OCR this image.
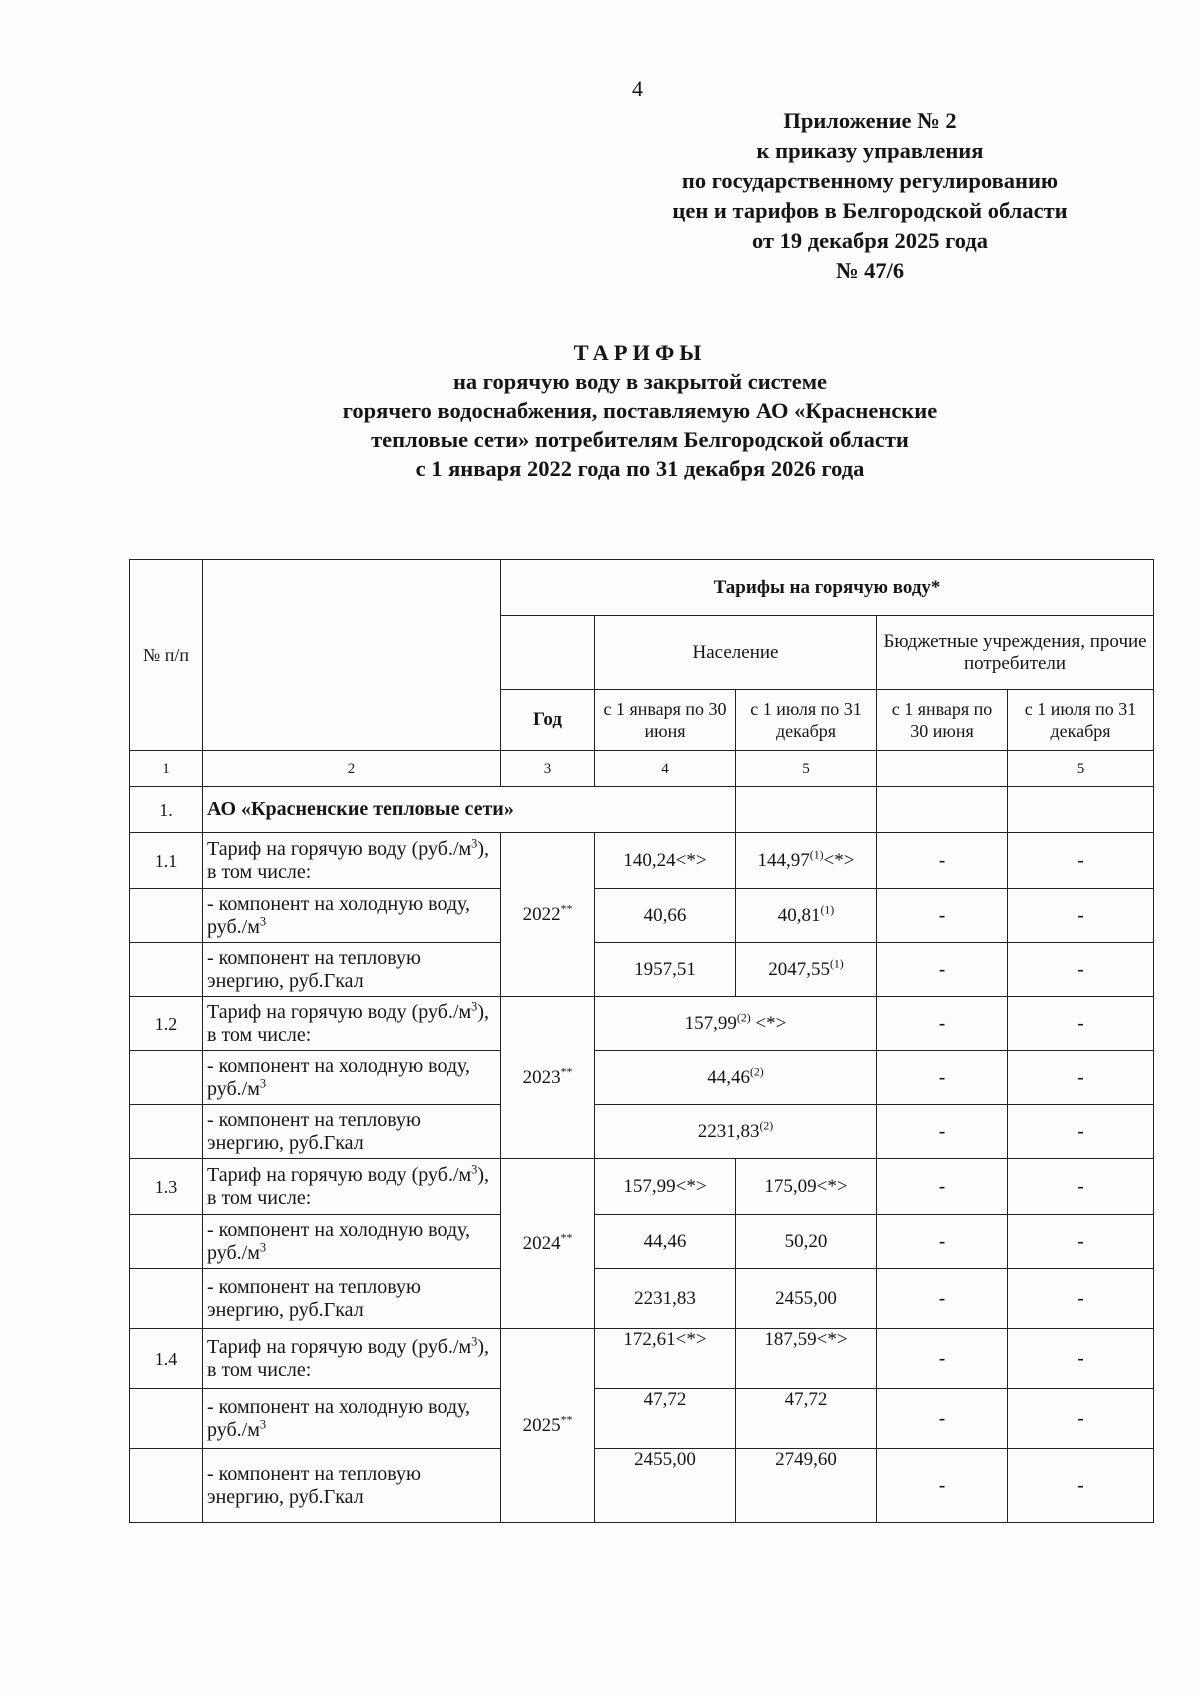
4
Приложение № 2
к приказу управления
по государственному регулированию
цен и тарифов в Белгородской области
от 19 декабря 2025 года
№ 47/6
ТАРИФЫ
на горячую воду в закрытой системе
горячего водоснабжения, поставляемую АО «Красненские
тепловые сети» потребителям Белгородской области
с 1 января 2022 года по 31 декабря 2026 года
№ п/п		Тарифы на горячую воду*				
			Население		Бюджетные учреждения, прочие потребители	
		Год	с 1 января по 30 июня	с 1 июля по 31 декабря	с 1 января по 30 июня	с 1 июля по 31 декабря
1	2	3	4	5		5
1.	АО «Красненские тепловые сети»					
1.1	Тариф на горячую воду $(руб./м^3)$, в том числе:	2022**	140,24<*>	$144,97^{(1)}<*>$	-	-
	- компонент на холодную воду, $руб./м^3$		40,66	40,81$^{(1)}$	-	-
	- компонент на тепловую энергию, руб.Гкал		1957,51	2047,55$^{(1)}$	-	-
1.2	Тариф на горячую воду $(руб./м^3)$, в том числе:	2023**	$157,99^{(2)}$ <*>		-	-
	- компонент на холодную воду, $руб./м^3$		44,46$^{(2)}$		-	-
	- компонент на тепловую энергию, руб.Гкал		2231,83$^{(2)}$		-	-
1.3	Тариф на горячую воду $(руб./м^3)$, в том числе:	2024**	157,99<*>	175,09<*>	-	-
	- компонент на холодную воду, $руб./м^3$		44,46	50,20	-	-
	- компонент на тепловую энергию, руб.Гкал		2231,83	2455,00	-	-
1.4	Тариф на горячую воду $(руб./м^3)$, в том числе:	2025**	172,61<*>	187,59<*>	-	-
	- компонент на холодную воду, $руб./м^3$		47,72	47,72	-	-
	- компонент на тепловую энергию, руб.Гкал		2455,00	2749,60	-	-
